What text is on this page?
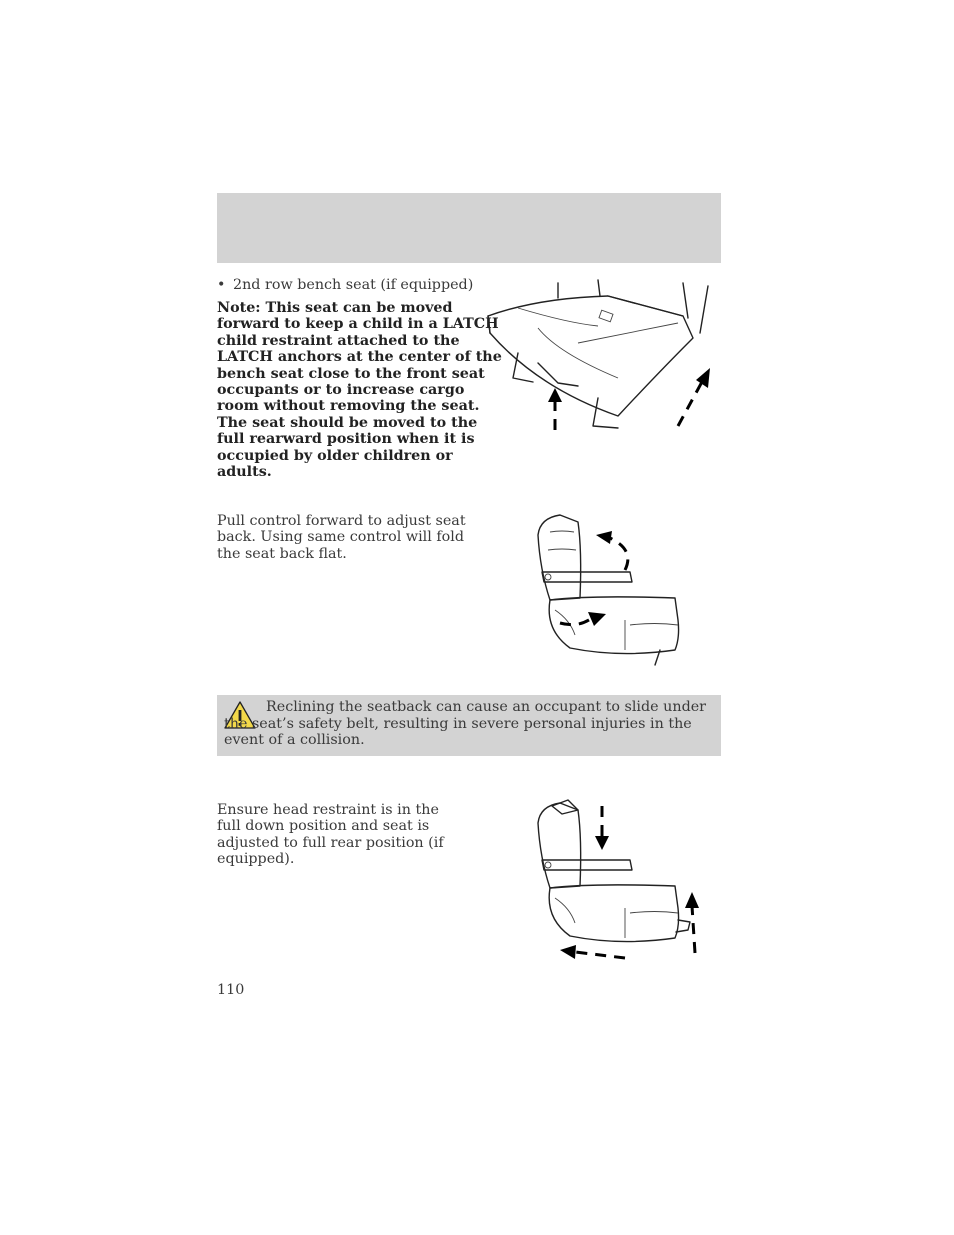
• 2nd row bench seat (if equipped)
Note: This seat can be moved forward to keep a child in a LATCH child restraint attached to the LATCH anchors at the center of the bench seat close to the front seat occupants or to increase cargo room without removing the seat. The seat should be moved to the full rearward position when it is occupied by older children or adults.
Pull control forward to adjust seat back. Using same control will fold the seat back flat.
Reclining the seatback can cause an occupant to slide under the seat’s safety belt, resulting in severe personal injuries in the event of a collision.
Ensure head restraint is in the full down position and seat is adjusted to full rear position (if equipped).
110
